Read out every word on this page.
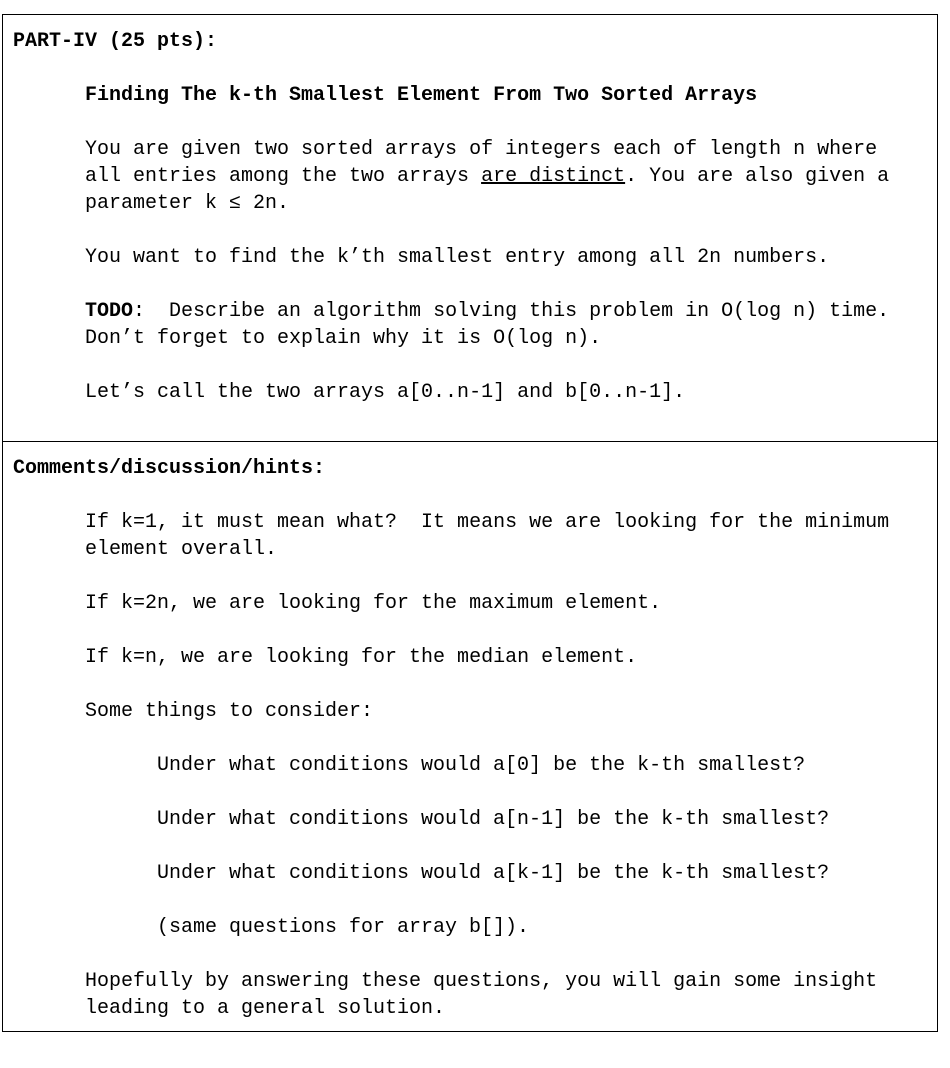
PART-IV (25 pts):
Finding The k-th Smallest Element From Two Sorted Arrays
You are given two sorted arrays of integers each of length n where
all entries among the two arrays are distinct. You are also given a
parameter k ≤ 2n.
You want to find the k’th smallest entry among all 2n numbers.
TODO:  Describe an algorithm solving this problem in O(log n) time.
Don’t forget to explain why it is O(log n).
Let’s call the two arrays a[0..n-1] and b[0..n-1].
Comments/discussion/hints:
If k=1, it must mean what?  It means we are looking for the minimum
element overall.
If k=2n, we are looking for the maximum element.
If k=n, we are looking for the median element.
Some things to consider:
Under what conditions would a[0] be the k-th smallest?
Under what conditions would a[n-1] be the k-th smallest?
Under what conditions would a[k-1] be the k-th smallest?
(same questions for array b[]).
Hopefully by answering these questions, you will gain some insight
leading to a general solution.
